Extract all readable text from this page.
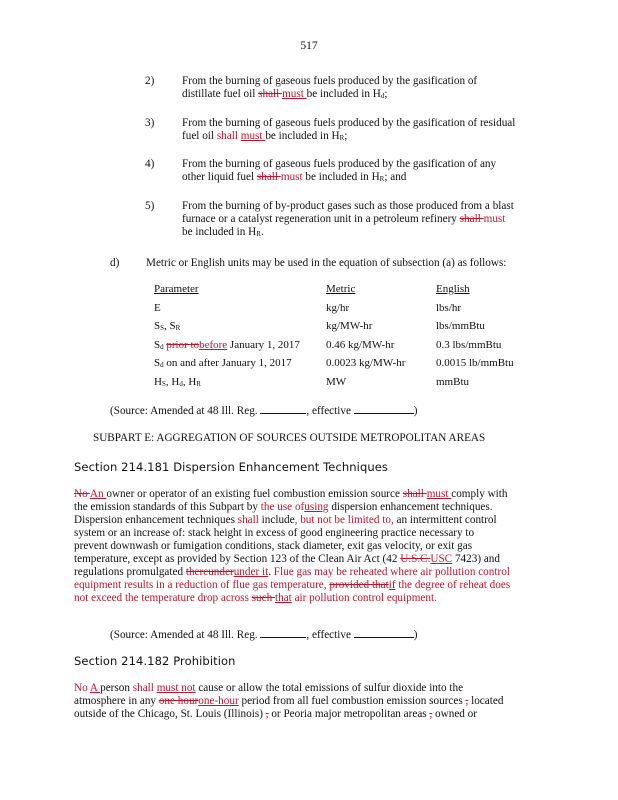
517
2) From the burning of gaseous fuels produced by the gasification of
distillate fuel oil shall must be included in $H_d$;
3) From the burning of gaseous fuels produced by the gasification of residual
fuel oil shall must be included in $H_R$;
4) From the burning of gaseous fuels produced by the gasification of any
other liquid fuel shall must be included in $H_R$; and
5) From the burning of by-product gases such as those produced from a blast
furnace or a catalyst regeneration unit in a petroleum refinery shall must
be included in $H_R$.
d) Metric or English units may be used in the equation of subsection (a) as follows:
Parameter	Metric	English
E	kg/hr	lbs/hr
$S_S$, $S_R$	kg/MW-hr	lbs/mmBtu
$S_d$ prior tobefore January 1, 2017	0.46 kg/MW-hr	0.3 lbs/mmBtu
$S_d$ on and after January 1, 2017	0.0023 kg/MW-hr	0.0015 lb/mmBtu
$H_S$, $H_d$, $H_R$	MW	mmBtu
(Source: Amended at 48 Ill. Reg.	, effective	)
SUBPART E: AGGREGATION OF SOURCES OUTSIDE METROPOLITAN AREAS
Section 214.181 Dispersion Enhancement Techniques
No An owner or operator of an existing fuel combustion emission source shall must comply with
the emission standards of this Subpart by the use ofusing dispersion enhancement techniques.
Dispersion enhancement techniques shall include, but not be limited to, an intermittent control
system or an increase of: stack height in excess of good engineering practice necessary to
prevent downwash or fumigation conditions, stack diameter, exit gas velocity, or exit gas
temperature, except as provided by Section 123 of the Clean Air Act (42 U.S.C.USC 7423) and
regulations promulgated thereunderunder it. Flue gas may be reheated where air pollution control
equipment results in a reduction of flue gas temperature, provided thatif the degree of reheat does
not exceed the temperature drop across such that air pollution control equipment.
(Source: Amended at 48 Ill. Reg.	, effective	)
Section 214.182 Prohibition
No A person shall must not cause or allow the total emissions of sulfur dioxide into the
atmosphere in any one hourone-hour period from all fuel combustion emission sources , located
outside of the Chicago, St. Louis (Illinois) , or Peoria major metropolitan areas , owned or
